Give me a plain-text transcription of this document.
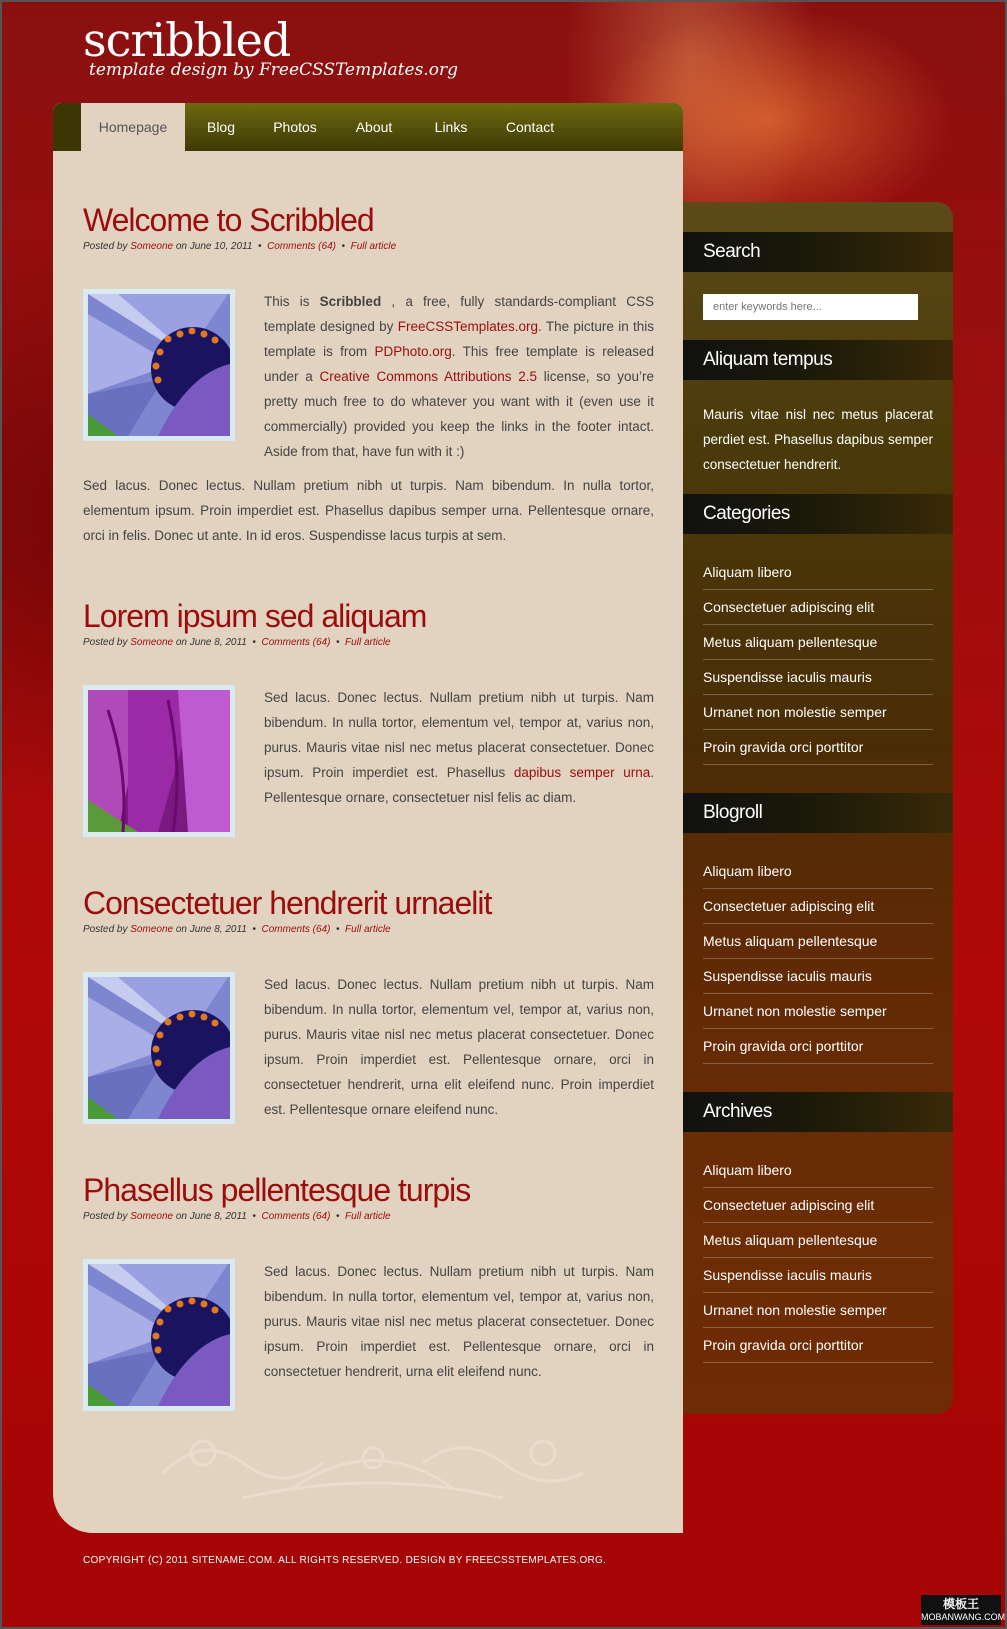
scribbled
template design by FreeCSSTemplates.org
Homepage	Blog	Photos	About	Links	Contact
Welcome to Scribbled
Posted by Someone on June 10, 2011 • Comments (64) • Full article
This is Scribbled , a free, fully standards-compliant CSS template designed by FreeCSSTemplates.org. The picture in this template is from PDPhoto.org. This free template is released under a Creative Commons Attributions 2.5 license, so you’re pretty much free to do whatever you want with it (even use it commercially) provided you keep the links in the footer intact. Aside from that, have fun with it :)
Sed lacus. Donec lectus. Nullam pretium nibh ut turpis. Nam bibendum. In nulla tortor, elementum ipsum. Proin imperdiet est. Phasellus dapibus semper urna. Pellentesque ornare, orci in felis. Donec ut ante. In id eros. Suspendisse lacus turpis at sem.
Lorem ipsum sed aliquam
Posted by Someone on June 8, 2011 • Comments (64) • Full article
Sed lacus. Donec lectus. Nullam pretium nibh ut turpis. Nam bibendum. In nulla tortor, elementum vel, tempor at, varius non, purus. Mauris vitae nisl nec metus placerat consectetuer. Donec ipsum. Proin imperdiet est. Phasellus dapibus semper urna. Pellentesque ornare, consectetuer nisl felis ac diam.
Consectetuer hendrerit urnaelit
Posted by Someone on June 8, 2011 • Comments (64) • Full article
Sed lacus. Donec lectus. Nullam pretium nibh ut turpis. Nam bibendum. In nulla tortor, elementum vel, tempor at, varius non, purus. Mauris vitae nisl nec metus placerat consectetuer. Donec ipsum. Proin imperdiet est. Pellentesque ornare, orci in consectetuer hendrerit, urna elit eleifend nunc. Proin imperdiet est. Pellentesque ornare eleifend nunc.
Phasellus pellentesque turpis
Posted by Someone on June 8, 2011 • Comments (64) • Full article
Sed lacus. Donec lectus. Nullam pretium nibh ut turpis. Nam bibendum. In nulla tortor, elementum vel, tempor at, varius non, purus. Mauris vitae nisl nec metus placerat consectetuer. Donec ipsum. Proin imperdiet est. Pellentesque ornare, orci in consectetuer hendrerit, urna elit eleifend nunc.
Search
enter keywords here...
Aliquam tempus
Mauris vitae nisl nec metus placerat perdiet est. Phasellus dapibus semper consectetuer hendrerit.
Categories
Aliquam libero
Consectetuer adipiscing elit
Metus aliquam pellentesque
Suspendisse iaculis mauris
Urnanet non molestie semper
Proin gravida orci porttitor
Blogroll
Aliquam libero
Consectetuer adipiscing elit
Metus aliquam pellentesque
Suspendisse iaculis mauris
Urnanet non molestie semper
Proin gravida orci porttitor
Archives
Aliquam libero
Consectetuer adipiscing elit
Metus aliquam pellentesque
Suspendisse iaculis mauris
Urnanet non molestie semper
Proin gravida orci porttitor
COPYRIGHT (C) 2011 SITENAME.COM. ALL RIGHTS RESERVED. DESIGN BY FREECSSTEMPLATES.ORG.
模板王
MOBANWANG.COM
